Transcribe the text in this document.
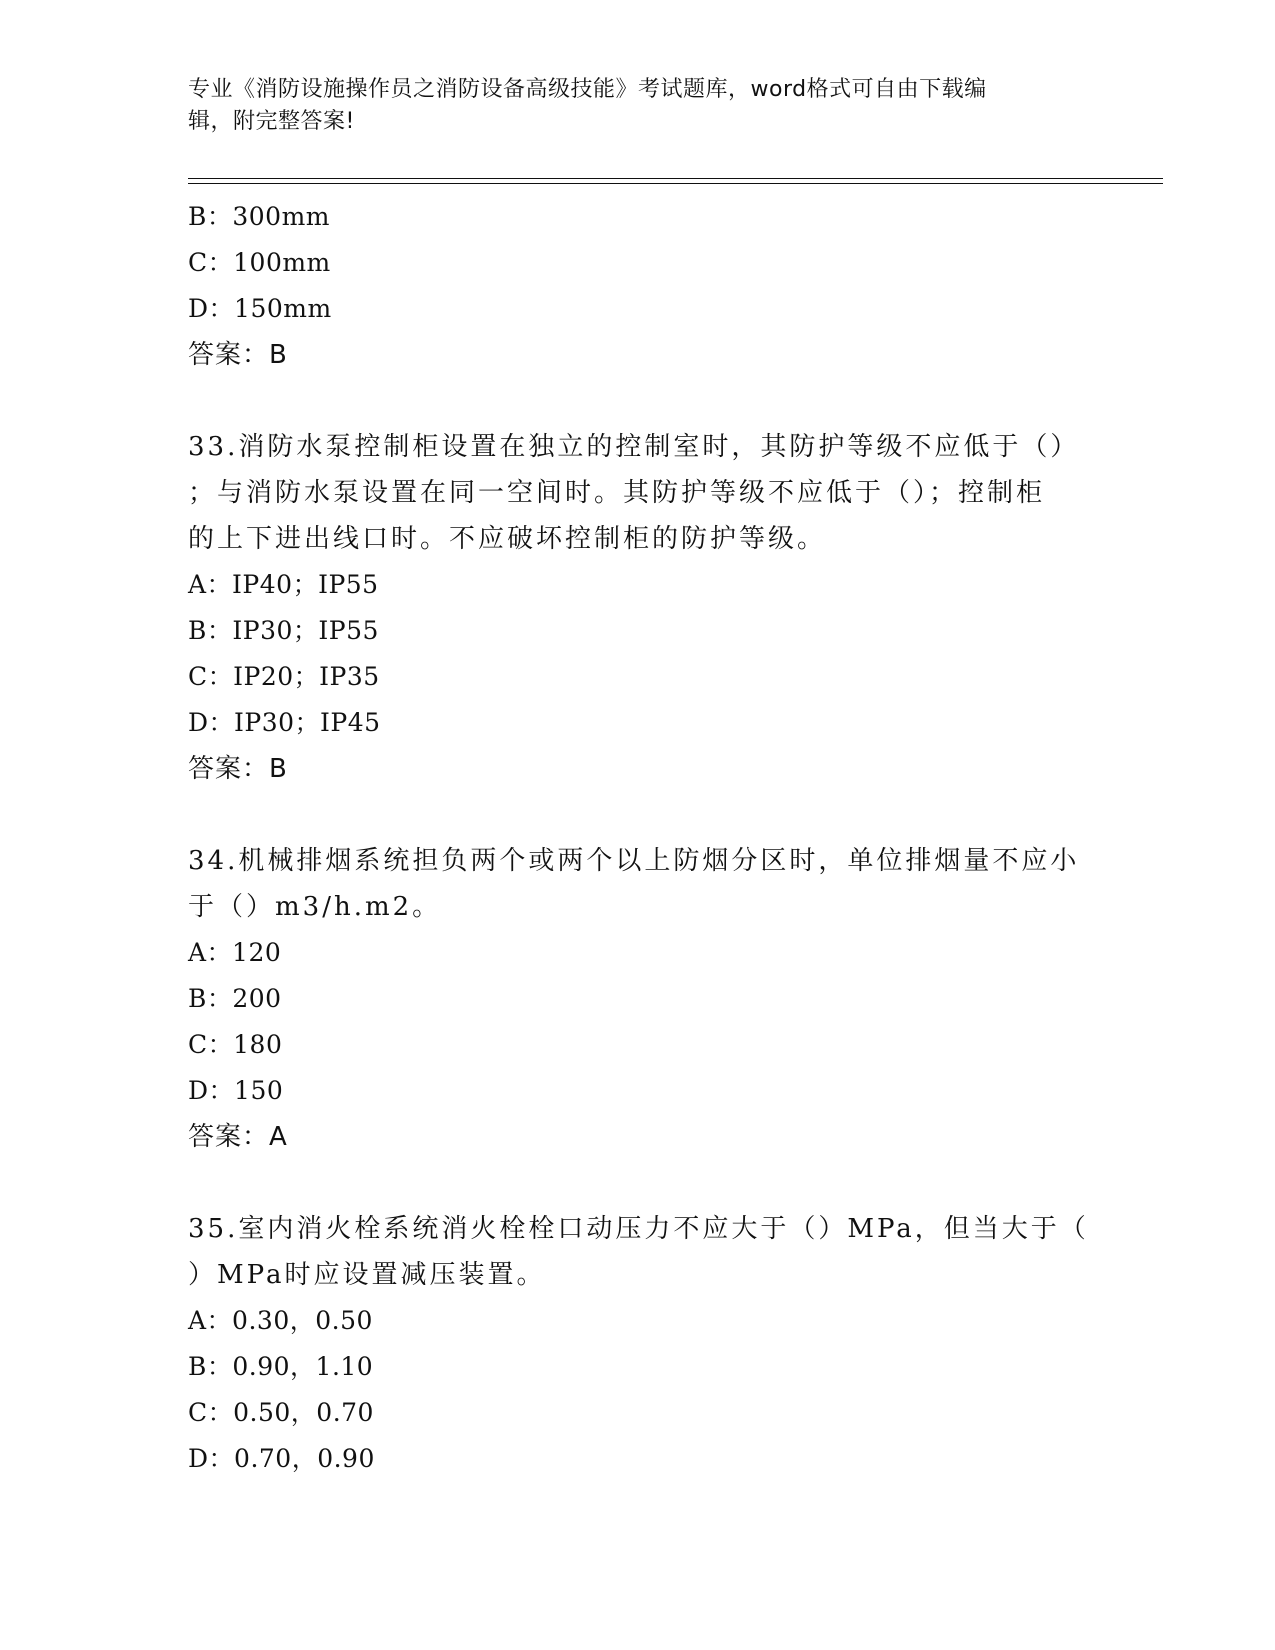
专业《消防设施操作员之消防设备高级技能》考试题库，word格式可自由下载编
辑，附完整答案!
B：300mm
C：100mm
D：150mm
答案：B
33.消防水泵控制柜设置在独立的控制室时，其防护等级不应低于（）
；与消防水泵设置在同一空间时。其防护等级不应低于（）；控制柜
的上下进出线口时。不应破坏控制柜的防护等级。
A：IP40；IP55
B：IP30；IP55
C：IP20；IP35
D：IP30；IP45
答案：B
34.机械排烟系统担负两个或两个以上防烟分区时，单位排烟量不应小
于（）m3/h.m2。
A：120
B：200
C：180
D：150
答案：A
35.室内消火栓系统消火栓栓口动压力不应大于（）MPa，但当大于（
）MPa时应设置减压装置。
A：0.30，0.50
B：0.90，1.10
C：0.50，0.70
D：0.70，0.90
